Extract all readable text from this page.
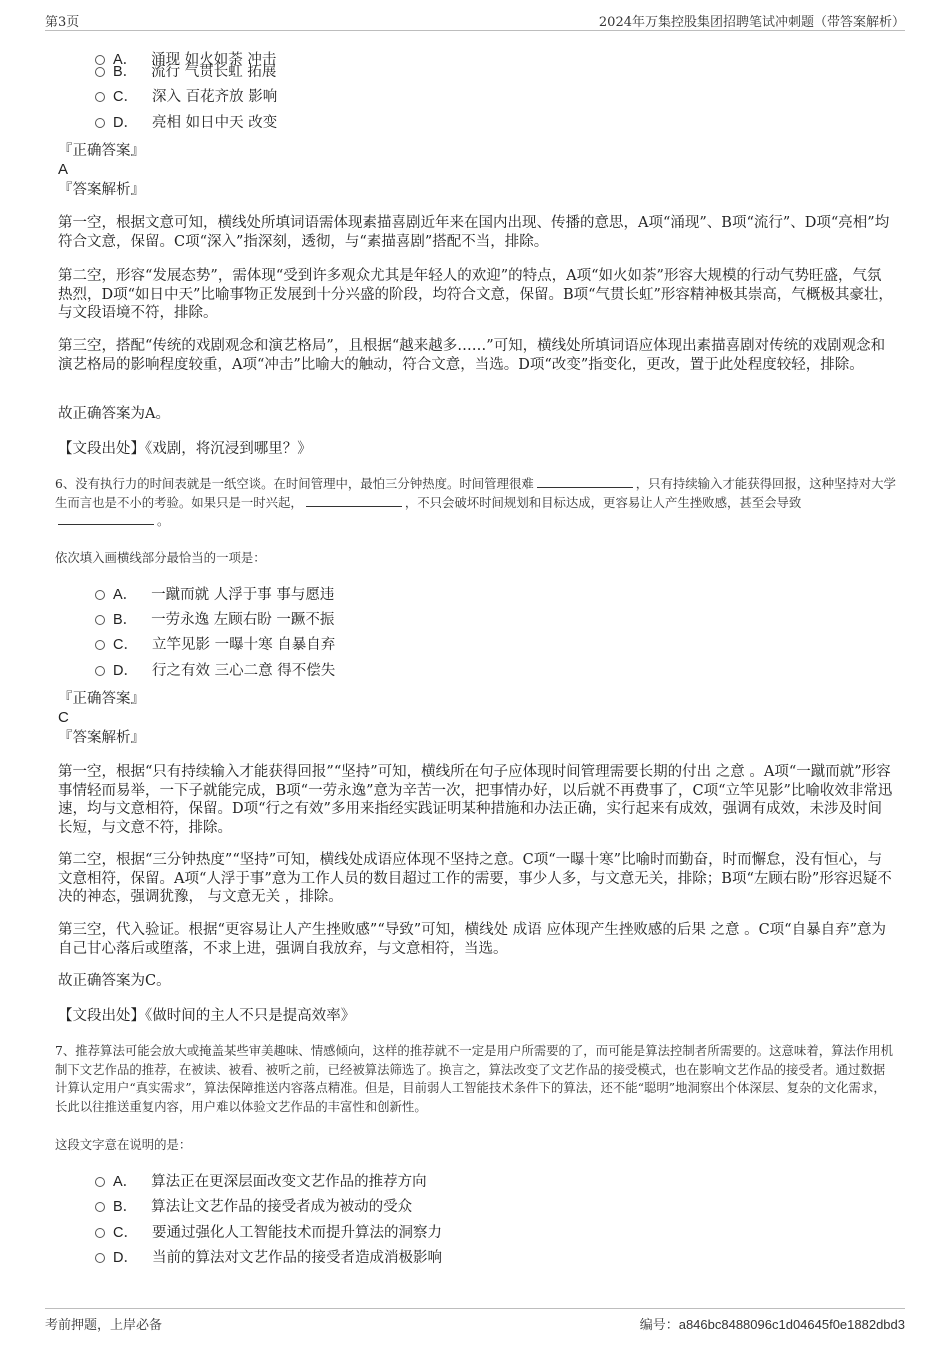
第3页	2024年万集控股集团招聘笔试冲刺题（带答案解析）
A． 涌现 如火如荼 冲击
B． 流行 气贯长虹 拓展
C． 深入 百花齐放 影响
D． 亮相 如日中天 改变
『正确答案』
A
『答案解析』
第一空，根据文意可知，横线处所填词语需体现素描喜剧近年来在国内出现、传播的意思，A项“涌现”、B项“流行”、D项“亮相”均符合文意，保留。C项“深入”指深刻，透彻，与“素描喜剧”搭配不当，排除。
第二空，形容“发展态势”，需体现“受到许多观众尤其是年轻人的欢迎”的特点，A项“如火如荼”形容大规模的行动气势旺盛，气氛热烈，D项“如日中天”比喻事物正发展到十分兴盛的阶段，均符合文意，保留。B项“气贯长虹”形容精神极其崇高，气概极其豪壮，与文段语境不符，排除。
第三空，搭配“传统的戏剧观念和演艺格局”，且根据“越来越多……”可知，横线处所填词语应体现出素描喜剧对传统的戏剧观念和演艺格局的影响程度较重，A项“冲击”比喻大的触动，符合文意，当选。D项“改变”指变化，更改，置于此处程度较轻，排除。
故正确答案为A。
【文段出处】《戏剧，将沉浸到哪里？》
6、没有执行力的时间表就是一纸空谈。在时间管理中，最怕三分钟热度。时间管理很难	，只有持续输入才能获得回报，这种坚持对大学生而言也是不小的考验。如果只是一时兴起，	，不只会破坏时间规划和目标达成，更容易让人产生挫败感，甚至会导致。
依次填入画横线部分最恰当的一项是：
A． 一蹴而就 人浮于事 事与愿违
B． 一劳永逸 左顾右盼 一蹶不振
C． 立竿见影 一曝十寒 自暴自弃
D． 行之有效 三心二意 得不偿失
『正确答案』
C
『答案解析』
第一空，根据“只有持续输入才能获得回报”“坚持”可知，横线所在句子应体现时间管理需要长期的付出 之意 。A项“一蹴而就”形容事情轻而易举，一下子就能完成，B项“一劳永逸”意为辛苦一次，把事情办好，以后就不再费事了，C项“立竿见影”比喻收效非常迅速，均与文意相符，保留。D项“行之有效”多用来指经实践证明某种措施和办法正确，实行起来有成效，强调有成效，未涉及时间长短，与文意不符，排除。
第二空，根据“三分钟热度”“坚持”可知，横线处成语应体现不坚持之意。C项“一曝十寒”比喻时而勤奋，时而懈怠，没有恒心，与文意相符，保留。A项“人浮于事”意为工作人员的数目超过工作的需要，事少人多，与文意无关，排除；B项“左顾右盼”形容迟疑不决的神态，强调犹豫， 与文意无关 ，排除。
第三空，代入验证。根据“更容易让人产生挫败感”“导致”可知，横线处 成语 应体现产生挫败感的后果 之意 。C项“自暴自弃”意为自己甘心落后或堕落，不求上进，强调自我放弃，与文意相符，当选。
故正确答案为C。
【文段出处】《做时间的主人不只是提高效率》
7、推荐算法可能会放大或掩盖某些审美趣味、情感倾向，这样的推荐就不一定是用户所需要的了，而可能是算法控制者所需要的。这意味着，算法作用机制下文艺作品的推荐，在被读、被看、被听之前，已经被算法筛选了。换言之，算法改变了文艺作品的接受模式，也在影响文艺作品的接受者。通过数据计算认定用户“真实需求”，算法保障推送内容落点精准。但是，目前弱人工智能技术条件下的算法，还不能“聪明”地洞察出个体深层、复杂的文化需求，长此以往推送重复内容，用户难以体验文艺作品的丰富性和创新性。
这段文字意在说明的是：
A． 算法正在更深层面改变文艺作品的推荐方向
B． 算法让文艺作品的接受者成为被动的受众
C． 要通过强化人工智能技术而提升算法的洞察力
D． 当前的算法对文艺作品的接受者造成消极影响
考前押题，上岸必备	编号：a846bc8488096c1d04645f0e1882dbd3
